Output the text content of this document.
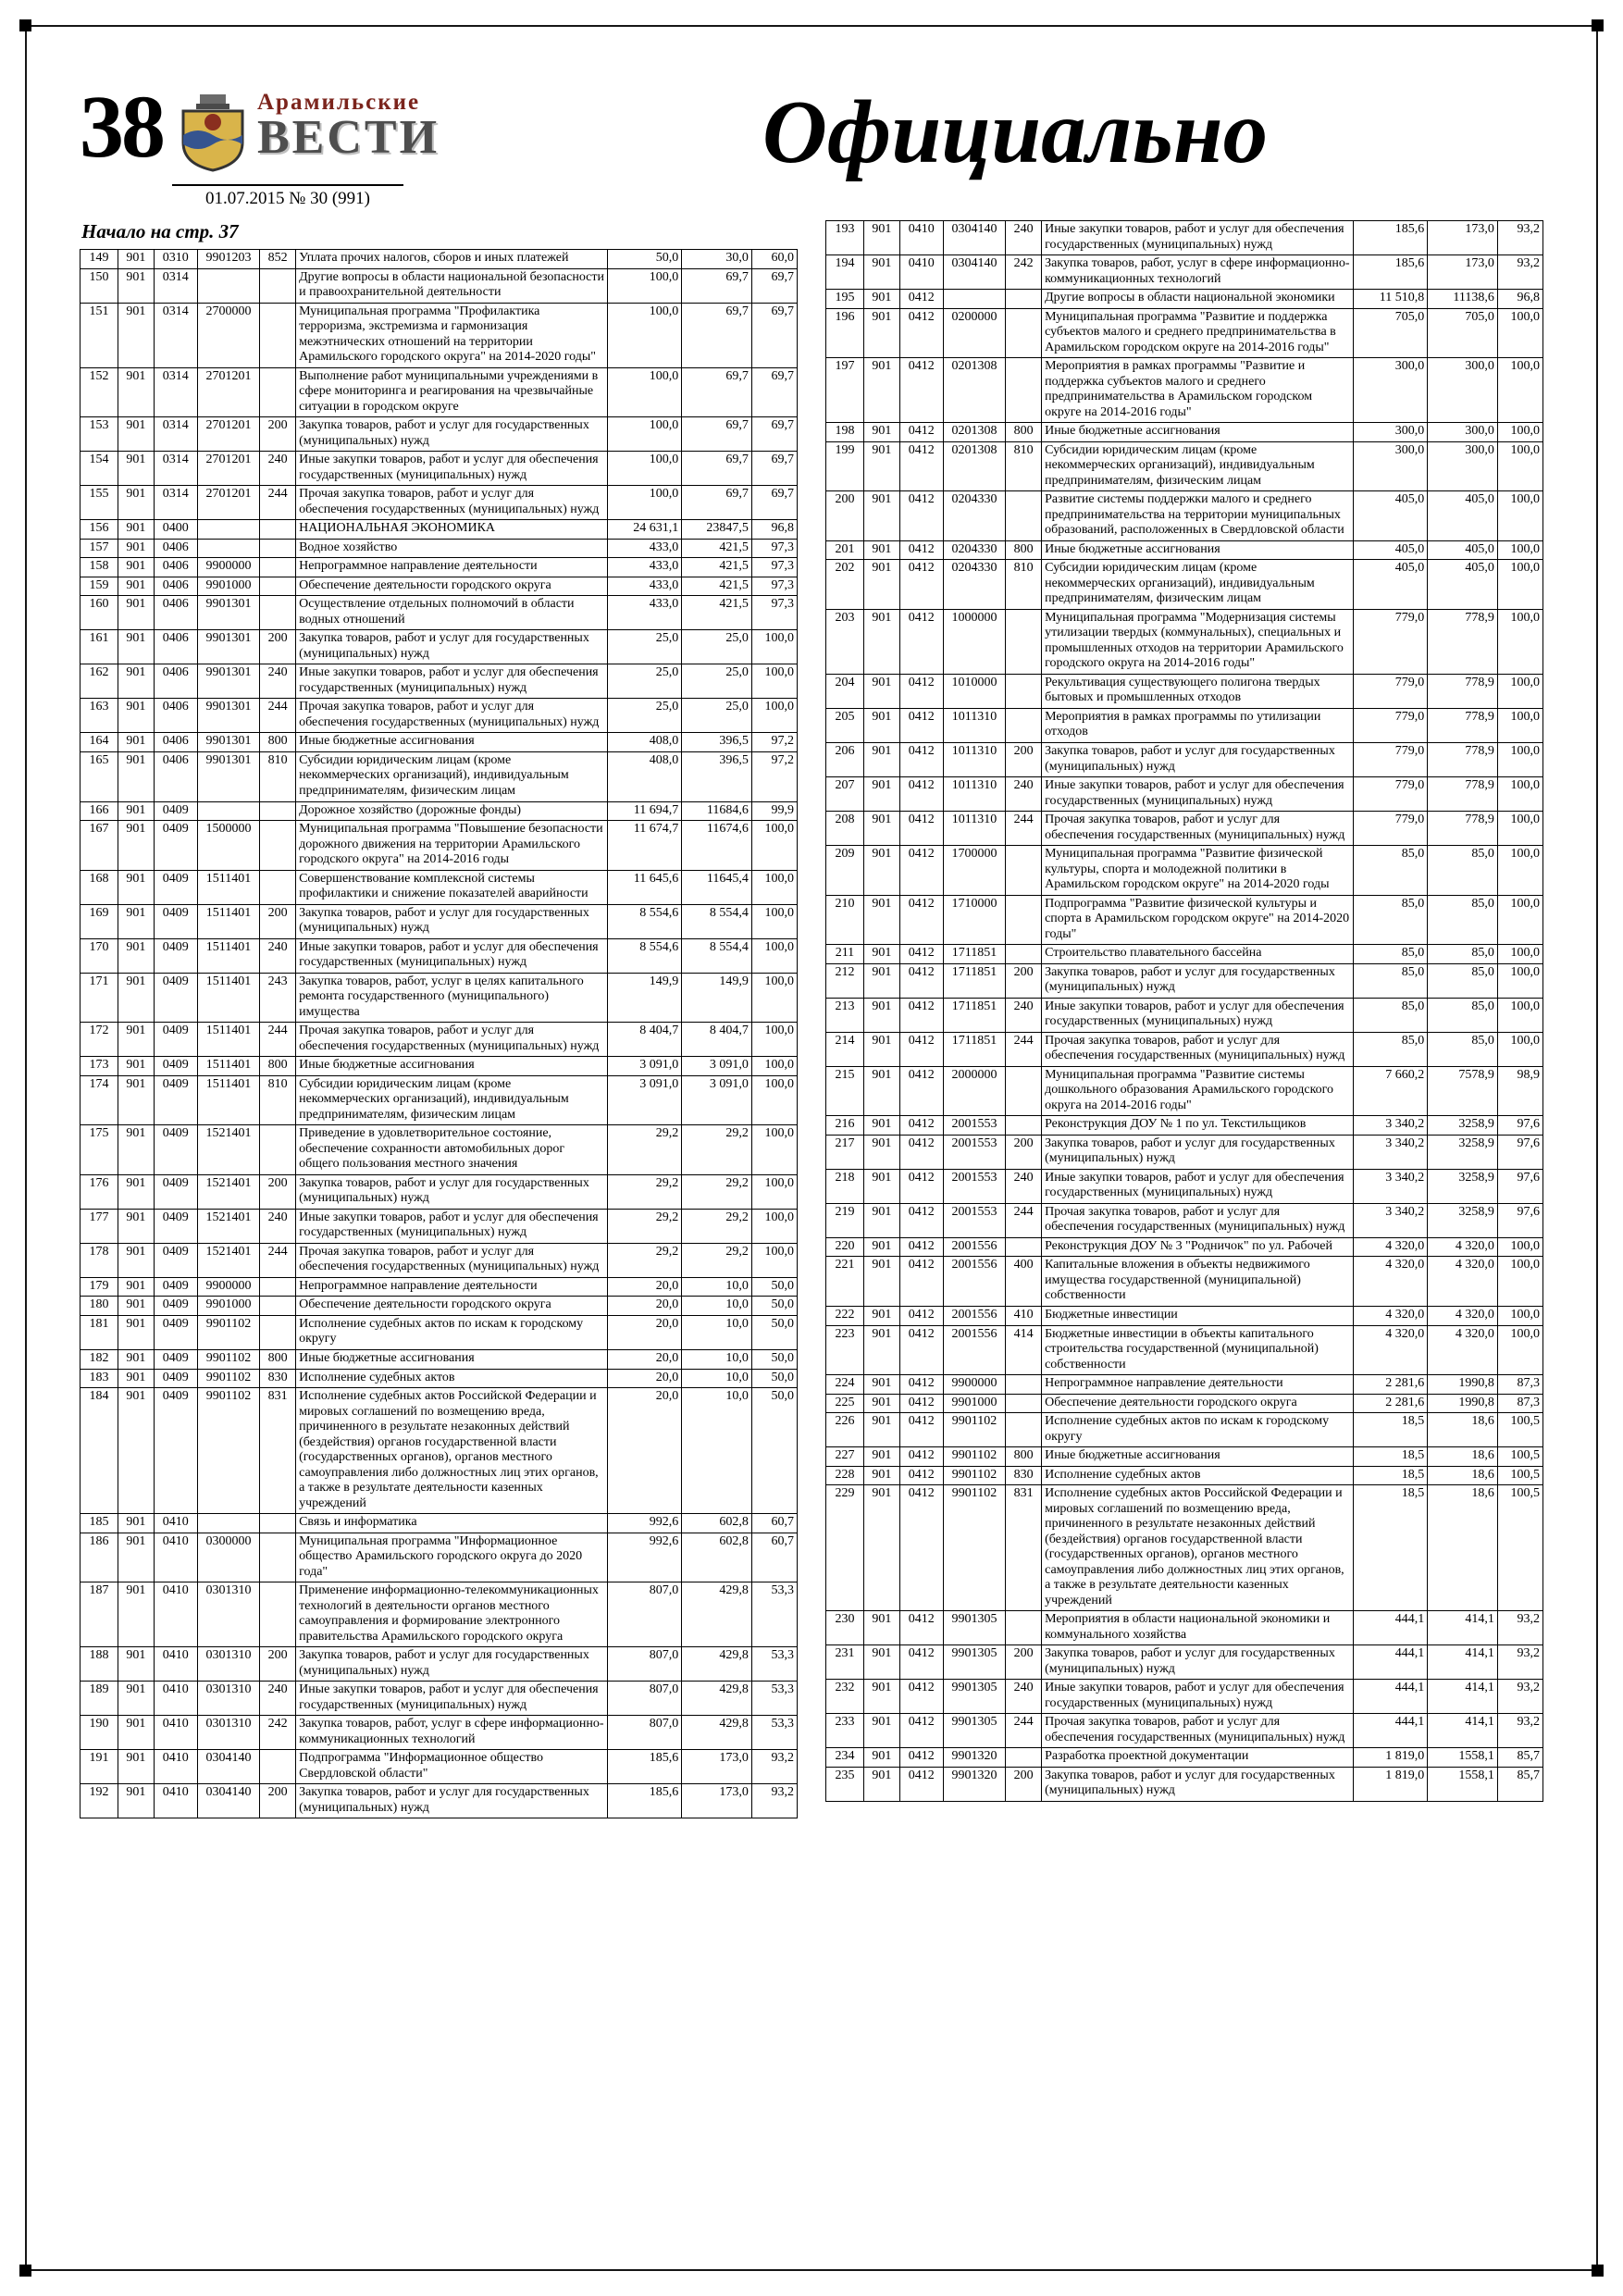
38	Арамильские
ВЕСТИ
01.07.2015 № 30 (991)
Официально
Начало на стр. 37
149	901	0310	9901203	852	Уплата прочих налогов, сборов и иных платежей	50,0	30,0	60,0
150	901	0314			Другие вопросы в области национальной безопасности и правоохранительной деятельности	100,0	69,7	69,7
151	901	0314	2700000		Муниципальная программа "Профилактика терроризма, экстремизма и гармонизация межэтнических отношений на территории Арамильского городского округа" на 2014-2020 годы"	100,0	69,7	69,7
152	901	0314	2701201		Выполнение работ муниципальными учреждениями в сфере мониторинга и реагирования на чрезвычайные ситуации в городском округе	100,0	69,7	69,7
153	901	0314	2701201	200	Закупка товаров, работ и услуг для государственных (муниципальных) нужд	100,0	69,7	69,7
154	901	0314	2701201	240	Иные закупки товаров, работ и услуг для обеспечения государственных (муниципальных) нужд	100,0	69,7	69,7
155	901	0314	2701201	244	Прочая закупка товаров, работ и услуг для обеспечения государственных (муниципальных) нужд	100,0	69,7	69,7
156	901	0400			НАЦИОНАЛЬНАЯ ЭКОНОМИКА	24 631,1	23847,5	96,8
157	901	0406			Водное хозяйство	433,0	421,5	97,3
158	901	0406	9900000		Непрограммное направление деятельности	433,0	421,5	97,3
159	901	0406	9901000		Обеспечение деятельности городского округа	433,0	421,5	97,3
160	901	0406	9901301		Осуществление отдельных полномочий в области водных отношений	433,0	421,5	97,3
161	901	0406	9901301	200	Закупка товаров, работ и услуг для государственных (муниципальных) нужд	25,0	25,0	100,0
162	901	0406	9901301	240	Иные закупки товаров, работ и услуг для обеспечения государственных (муниципальных) нужд	25,0	25,0	100,0
163	901	0406	9901301	244	Прочая закупка товаров, работ и услуг для обеспечения государственных (муниципальных) нужд	25,0	25,0	100,0
164	901	0406	9901301	800	Иные бюджетные ассигнования	408,0	396,5	97,2
165	901	0406	9901301	810	Субсидии юридическим лицам (кроме некоммерческих организаций), индивидуальным предпринимателям, физическим лицам	408,0	396,5	97,2
166	901	0409			Дорожное хозяйство (дорожные фонды)	11 694,7	11684,6	99,9
167	901	0409	1500000		Муниципальная программа "Повышение безопасности дорожного движения на территории Арамильского городского округа" на 2014-2016 годы	11 674,7	11674,6	100,0
168	901	0409	1511401		Совершенствование комплексной системы профилактики и снижение показателей аварийности	11 645,6	11645,4	100,0
169	901	0409	1511401	200	Закупка товаров, работ и услуг для государственных (муниципальных) нужд	8 554,6	8 554,4	100,0
170	901	0409	1511401	240	Иные закупки товаров, работ и услуг для обеспечения государственных (муниципальных) нужд	8 554,6	8 554,4	100,0
171	901	0409	1511401	243	Закупка товаров, работ, услуг в целях капитального ремонта государственного (муниципального) имущества	149,9	149,9	100,0
172	901	0409	1511401	244	Прочая закупка товаров, работ и услуг для обеспечения государственных (муниципальных) нужд	8 404,7	8 404,7	100,0
173	901	0409	1511401	800	Иные бюджетные ассигнования	3 091,0	3 091,0	100,0
174	901	0409	1511401	810	Субсидии юридическим лицам (кроме некоммерческих организаций), индивидуальным предпринимателям, физическим лицам	3 091,0	3 091,0	100,0
175	901	0409	1521401		Приведение в удовлетворительное состояние, обеспечение сохранности автомобильных дорог общего пользования местного значения	29,2	29,2	100,0
176	901	0409	1521401	200	Закупка товаров, работ и услуг для государственных (муниципальных) нужд	29,2	29,2	100,0
177	901	0409	1521401	240	Иные закупки товаров, работ и услуг для обеспечения государственных (муниципальных) нужд	29,2	29,2	100,0
178	901	0409	1521401	244	Прочая закупка товаров, работ и услуг для обеспечения государственных (муниципальных) нужд	29,2	29,2	100,0
179	901	0409	9900000		Непрограммное направление деятельности	20,0	10,0	50,0
180	901	0409	9901000		Обеспечение деятельности городского округа	20,0	10,0	50,0
181	901	0409	9901102		Исполнение судебных актов по искам к городскому округу	20,0	10,0	50,0
182	901	0409	9901102	800	Иные бюджетные ассигнования	20,0	10,0	50,0
183	901	0409	9901102	830	Исполнение судебных актов	20,0	10,0	50,0
184	901	0409	9901102	831	Исполнение судебных актов Российской Федерации и мировых соглашений по возмещению вреда, причиненного в результате незаконных действий (бездействия) органов государственной власти (государственных органов), органов местного самоуправления либо должностных лиц этих органов, а также в результате деятельности казенных учреждений	20,0	10,0	50,0
185	901	0410			Связь и информатика	992,6	602,8	60,7
186	901	0410	0300000		Муниципальная программа "Информационное общество Арамильского городского округа до 2020 года"	992,6	602,8	60,7
187	901	0410	0301310		Применение информационно-телекоммуникационных технологий в деятельности органов местного самоуправления и формирование электронного правительства Арамильского городского округа	807,0	429,8	53,3
188	901	0410	0301310	200	Закупка товаров, работ и услуг для государственных (муниципальных) нужд	807,0	429,8	53,3
189	901	0410	0301310	240	Иные закупки товаров, работ и услуг для обеспечения государственных (муниципальных) нужд	807,0	429,8	53,3
190	901	0410	0301310	242	Закупка товаров, работ, услуг в сфере информационно-коммуникационных технологий	807,0	429,8	53,3
191	901	0410	0304140		Подпрограмма "Информационное общество Свердловской области"	185,6	173,0	93,2
192	901	0410	0304140	200	Закупка товаров, работ и услуг для государственных (муниципальных) нужд	185,6	173,0	93,2
193	901	0410	0304140	240	Иные закупки товаров, работ и услуг для обеспечения государственных (муниципальных) нужд	185,6	173,0	93,2
194	901	0410	0304140	242	Закупка товаров, работ, услуг в сфере информационно-коммуникационных технологий	185,6	173,0	93,2
195	901	0412			Другие вопросы в области национальной экономики	11 510,8	11138,6	96,8
196	901	0412	0200000		Муниципальная программа "Развитие и поддержка субъектов малого и среднего предпринимательства в Арамильском городском округе на 2014-2016 годы"	705,0	705,0	100,0
197	901	0412	0201308		Мероприятия в рамках программы "Развитие и поддержка субъектов малого и среднего предпринимательства в Арамильском городском округе на 2014-2016 годы"	300,0	300,0	100,0
198	901	0412	0201308	800	Иные бюджетные ассигнования	300,0	300,0	100,0
199	901	0412	0201308	810	Субсидии юридическим лицам (кроме некоммерческих организаций), индивидуальным предпринимателям, физическим лицам	300,0	300,0	100,0
200	901	0412	0204330		Развитие системы поддержки малого и среднего предпринимательства на территории муниципальных образований, расположенных в Свердловской области	405,0	405,0	100,0
201	901	0412	0204330	800	Иные бюджетные ассигнования	405,0	405,0	100,0
202	901	0412	0204330	810	Субсидии юридическим лицам (кроме некоммерческих организаций), индивидуальным предпринимателям, физическим лицам	405,0	405,0	100,0
203	901	0412	1000000		Муниципальная программа "Модернизация системы утилизации твердых (коммунальных), специальных и промышленных отходов на территории Арамильского городского округа на 2014-2016 годы"	779,0	778,9	100,0
204	901	0412	1010000		Рекультивация существующего полигона твердых бытовых и промышленных отходов	779,0	778,9	100,0
205	901	0412	1011310		Мероприятия в рамках программы по утилизации отходов	779,0	778,9	100,0
206	901	0412	1011310	200	Закупка товаров, работ и услуг для государственных (муниципальных) нужд	779,0	778,9	100,0
207	901	0412	1011310	240	Иные закупки товаров, работ и услуг для обеспечения государственных (муниципальных) нужд	779,0	778,9	100,0
208	901	0412	1011310	244	Прочая закупка товаров, работ и услуг для обеспечения государственных (муниципальных) нужд	779,0	778,9	100,0
209	901	0412	1700000		Муниципальная программа "Развитие физической культуры, спорта и молодежной политики в Арамильском городском округе" на 2014-2020 годы	85,0	85,0	100,0
210	901	0412	1710000		Подпрограмма "Развитие физической культуры и спорта в Арамильском городском округе" на 2014-2020 годы"	85,0	85,0	100,0
211	901	0412	1711851		Строительство плавательного бассейна	85,0	85,0	100,0
212	901	0412	1711851	200	Закупка товаров, работ и услуг для государственных (муниципальных) нужд	85,0	85,0	100,0
213	901	0412	1711851	240	Иные закупки товаров, работ и услуг для обеспечения государственных (муниципальных) нужд	85,0	85,0	100,0
214	901	0412	1711851	244	Прочая закупка товаров, работ и услуг для обеспечения государственных (муниципальных) нужд	85,0	85,0	100,0
215	901	0412	2000000		Муниципальная программа "Развитие системы дошкольного образования Арамильского городского округа на 2014-2016 годы"	7 660,2	7578,9	98,9
216	901	0412	2001553		Реконструкция ДОУ № 1 по ул. Текстильщиков	3 340,2	3258,9	97,6
217	901	0412	2001553	200	Закупка товаров, работ и услуг для государственных (муниципальных) нужд	3 340,2	3258,9	97,6
218	901	0412	2001553	240	Иные закупки товаров, работ и услуг для обеспечения государственных (муниципальных) нужд	3 340,2	3258,9	97,6
219	901	0412	2001553	244	Прочая закупка товаров, работ и услуг для обеспечения государственных (муниципальных) нужд	3 340,2	3258,9	97,6
220	901	0412	2001556		Реконструкция ДОУ № 3 "Родничок" по ул. Рабочей	4 320,0	4 320,0	100,0
221	901	0412	2001556	400	Капитальные вложения в объекты недвижимого имущества государственной (муниципальной) собственности	4 320,0	4 320,0	100,0
222	901	0412	2001556	410	Бюджетные инвестиции	4 320,0	4 320,0	100,0
223	901	0412	2001556	414	Бюджетные инвестиции в объекты капитального строительства государственной (муниципальной) собственности	4 320,0	4 320,0	100,0
224	901	0412	9900000		Непрограммное направление деятельности	2 281,6	1990,8	87,3
225	901	0412	9901000		Обеспечение деятельности городского округа	2 281,6	1990,8	87,3
226	901	0412	9901102		Исполнение судебных актов по искам к городскому округу	18,5	18,6	100,5
227	901	0412	9901102	800	Иные бюджетные ассигнования	18,5	18,6	100,5
228	901	0412	9901102	830	Исполнение судебных актов	18,5	18,6	100,5
229	901	0412	9901102	831	Исполнение судебных актов Российской Федерации и мировых соглашений по возмещению вреда, причиненного в результате незаконных действий (бездействия) органов государственной власти (государственных органов), органов местного самоуправления либо должностных лиц этих органов, а также в результате деятельности казенных учреждений	18,5	18,6	100,5
230	901	0412	9901305		Мероприятия в области национальной экономики и коммунального хозяйства	444,1	414,1	93,2
231	901	0412	9901305	200	Закупка товаров, работ и услуг для государственных (муниципальных) нужд	444,1	414,1	93,2
232	901	0412	9901305	240	Иные закупки товаров, работ и услуг для обеспечения государственных (муниципальных) нужд	444,1	414,1	93,2
233	901	0412	9901305	244	Прочая закупка товаров, работ и услуг для обеспечения государственных (муниципальных) нужд	444,1	414,1	93,2
234	901	0412	9901320		Разработка проектной документации	1 819,0	1558,1	85,7
235	901	0412	9901320	200	Закупка товаров, работ и услуг для государственных (муниципальных) нужд	1 819,0	1558,1	85,7
